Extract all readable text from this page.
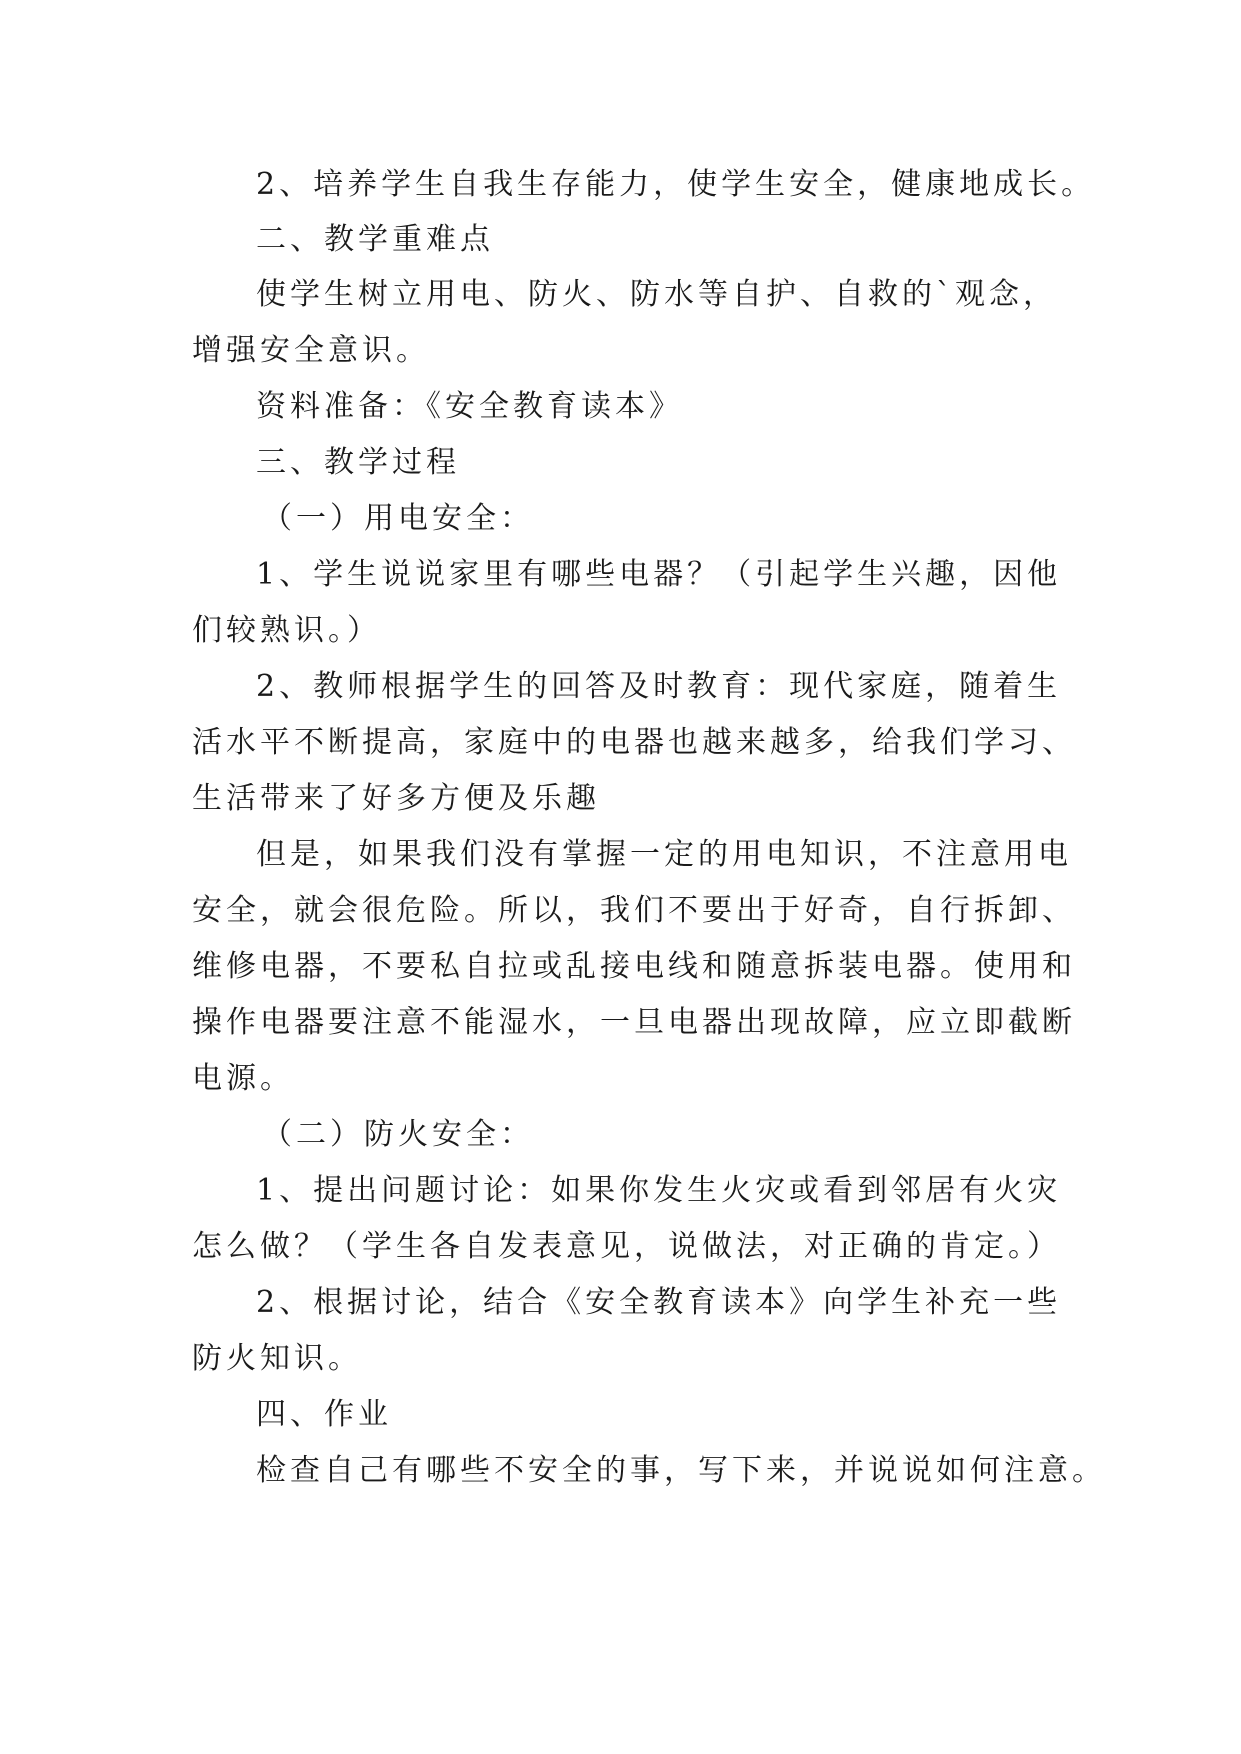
2、培养学生自我生存能力，使学生安全，健康地成长。
二、教学重难点
使学生树立用电、防火、防水等自护、自救的`观念，
增强安全意识。
资料准备：《安全教育读本》
三、教学过程
（一）用电安全：
1、学生说说家里有哪些电器？（引起学生兴趣，因他
们较熟识。）
2、教师根据学生的回答及时教育：现代家庭，随着生
活水平不断提高，家庭中的电器也越来越多，给我们学习、
生活带来了好多方便及乐趣
但是，如果我们没有掌握一定的用电知识，不注意用电
安全，就会很危险。所以，我们不要出于好奇，自行拆卸、
维修电器，不要私自拉或乱接电线和随意拆装电器。使用和
操作电器要注意不能湿水，一旦电器出现故障，应立即截断
电源。
（二）防火安全：
1、提出问题讨论：如果你发生火灾或看到邻居有火灾
怎么做？（学生各自发表意见，说做法，对正确的肯定。）
2、根据讨论，结合《安全教育读本》向学生补充一些
防火知识。
四、作业
检查自己有哪些不安全的事，写下来，并说说如何注意。
